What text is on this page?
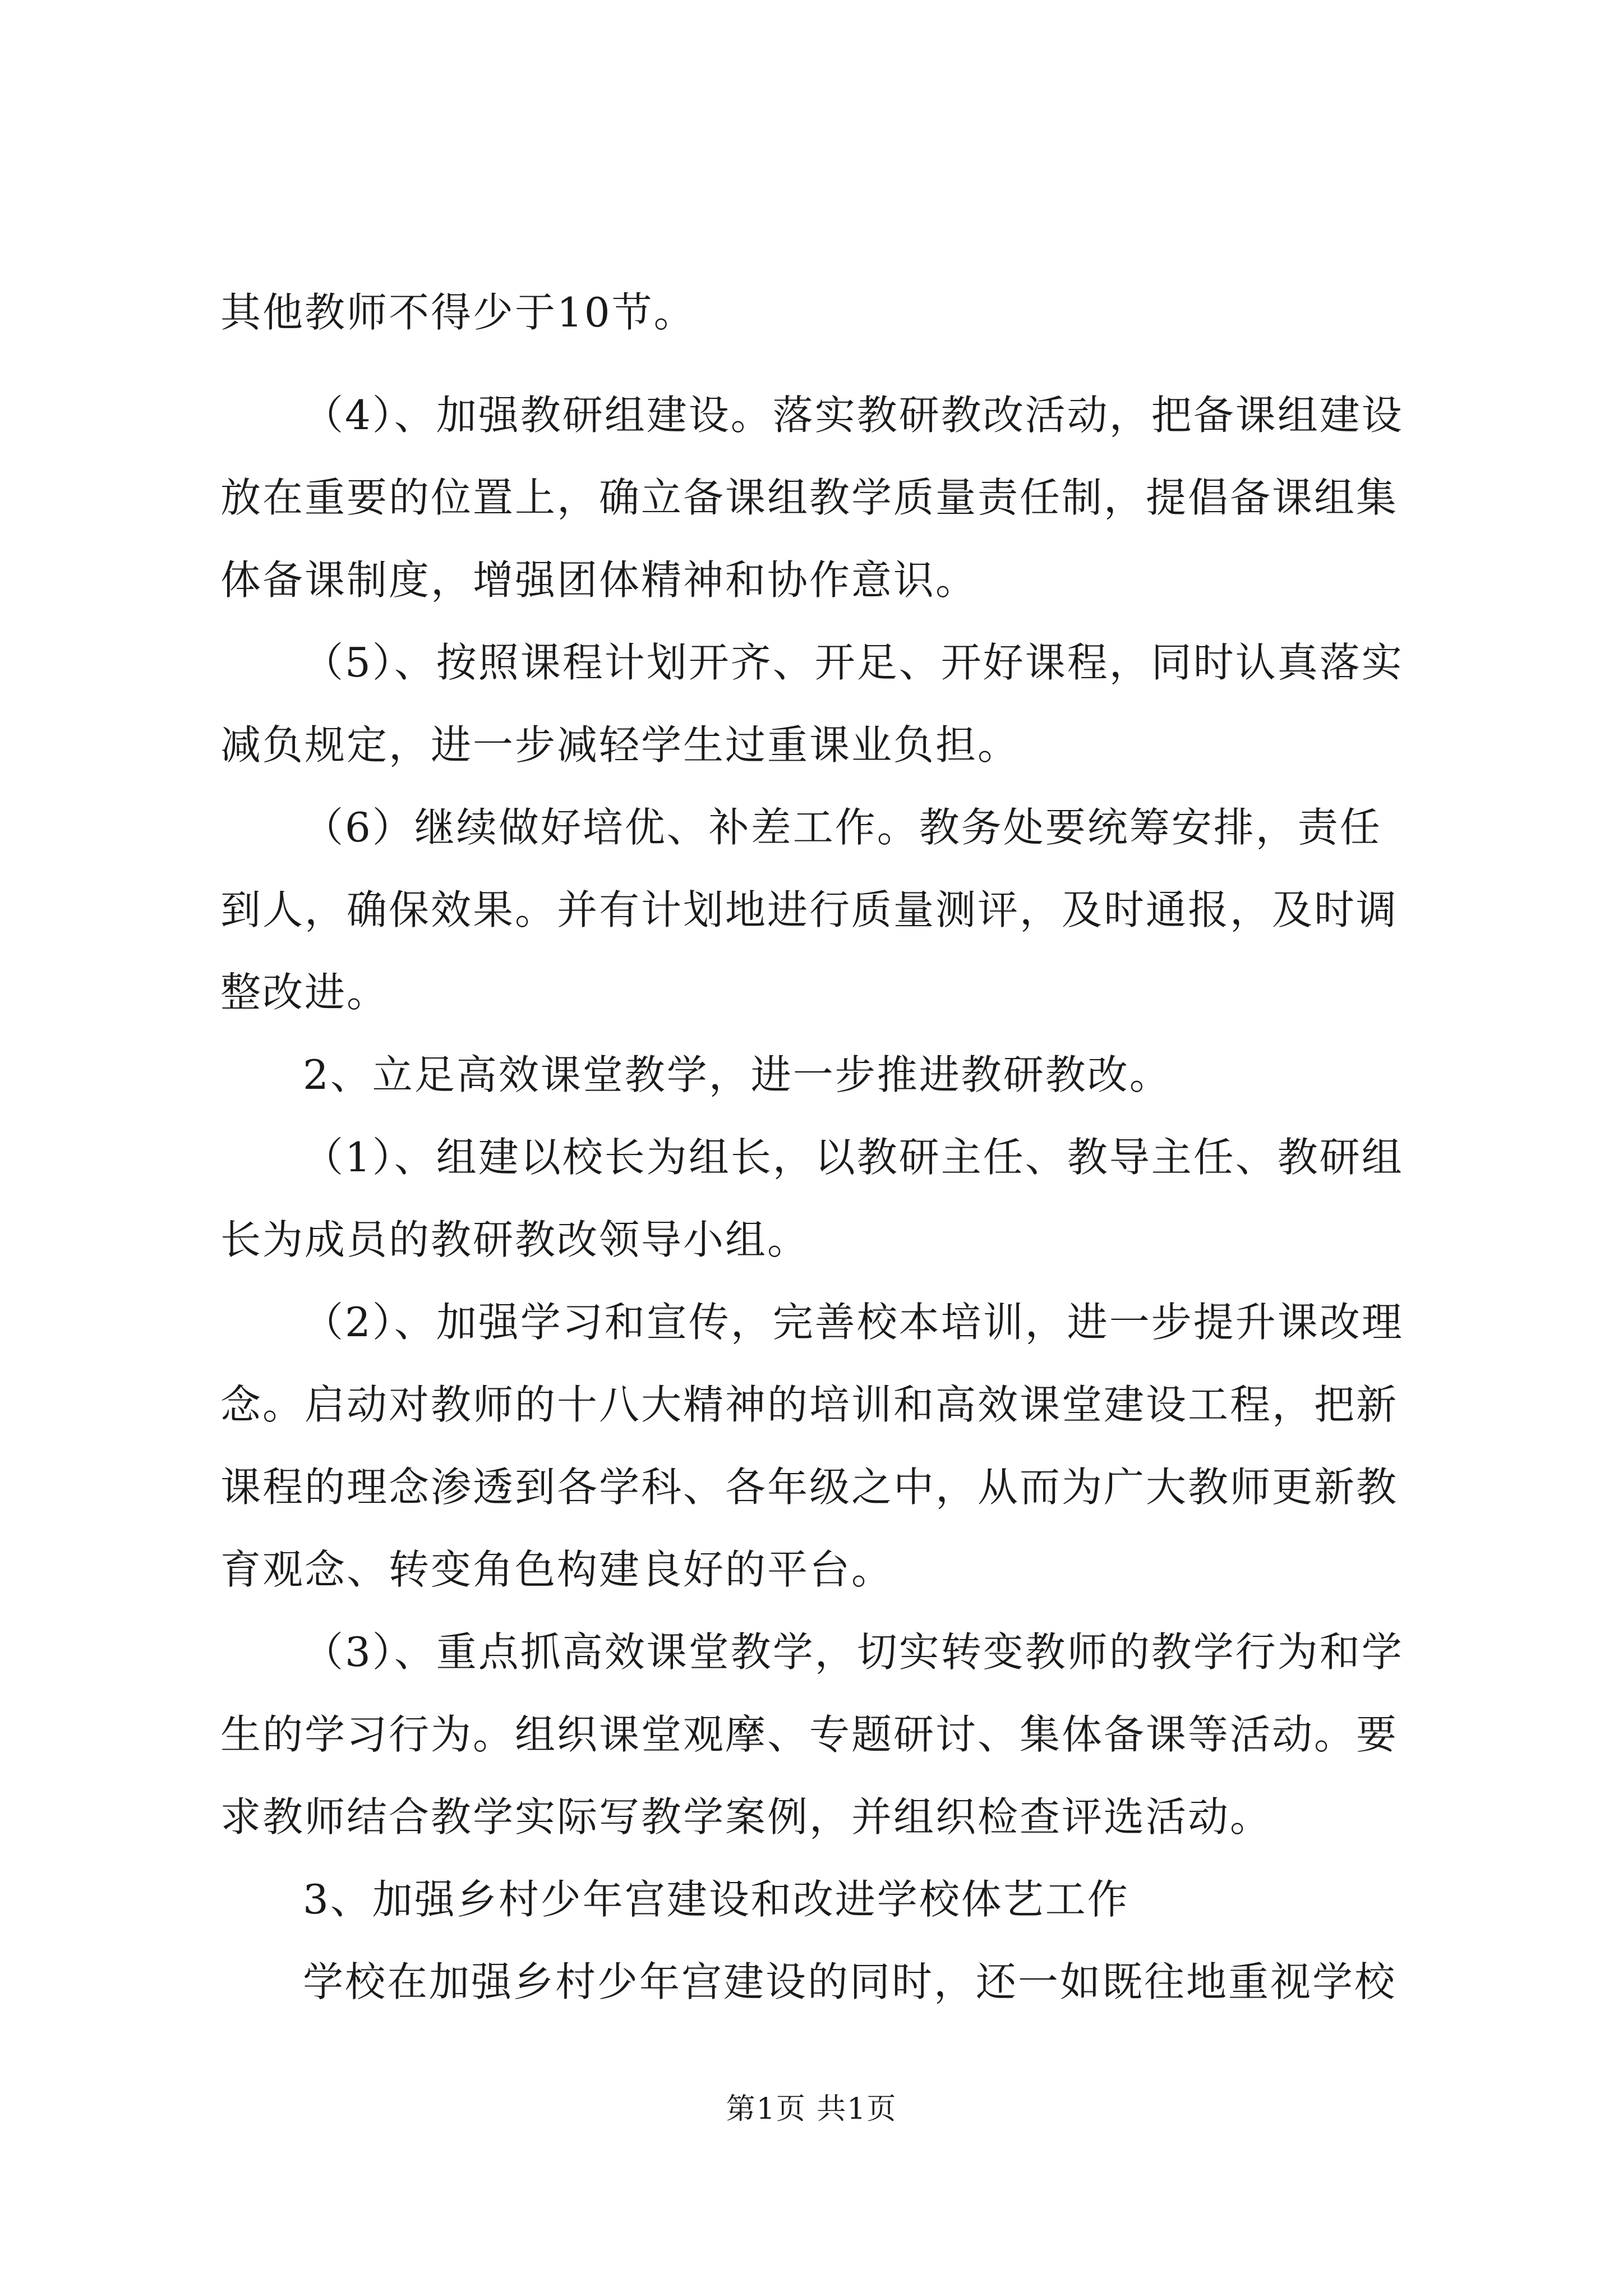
其他教师不得少于10节。
（4）、加强教研组建设。落实教研教改活动，把备课组建设
放在重要的位置上，确立备课组教学质量责任制，提倡备课组集
体备课制度，增强团体精神和协作意识。
（5）、按照课程计划开齐、开足、开好课程，同时认真落实
减负规定，进一步减轻学生过重课业负担。
（6）继续做好培优、补差工作。教务处要统筹安排，责任
到人，确保效果。并有计划地进行质量测评，及时通报，及时调
整改进。
2、立足高效课堂教学，进一步推进教研教改。
（1）、组建以校长为组长，以教研主任、教导主任、教研组
长为成员的教研教改领导小组。
（2）、加强学习和宣传，完善校本培训，进一步提升课改理
念。启动对教师的十八大精神的培训和高效课堂建设工程，把新
课程的理念渗透到各学科、各年级之中，从而为广大教师更新教
育观念、转变角色构建良好的平台。
（3）、重点抓高效课堂教学，切实转变教师的教学行为和学
生的学习行为。组织课堂观摩、专题研讨、集体备课等活动。要
求教师结合教学实际写教学案例，并组织检查评选活动。
3、加强乡村少年宫建设和改进学校体艺工作
学校在加强乡村少年宫建设的同时，还一如既往地重视学校
第1页 共1页
